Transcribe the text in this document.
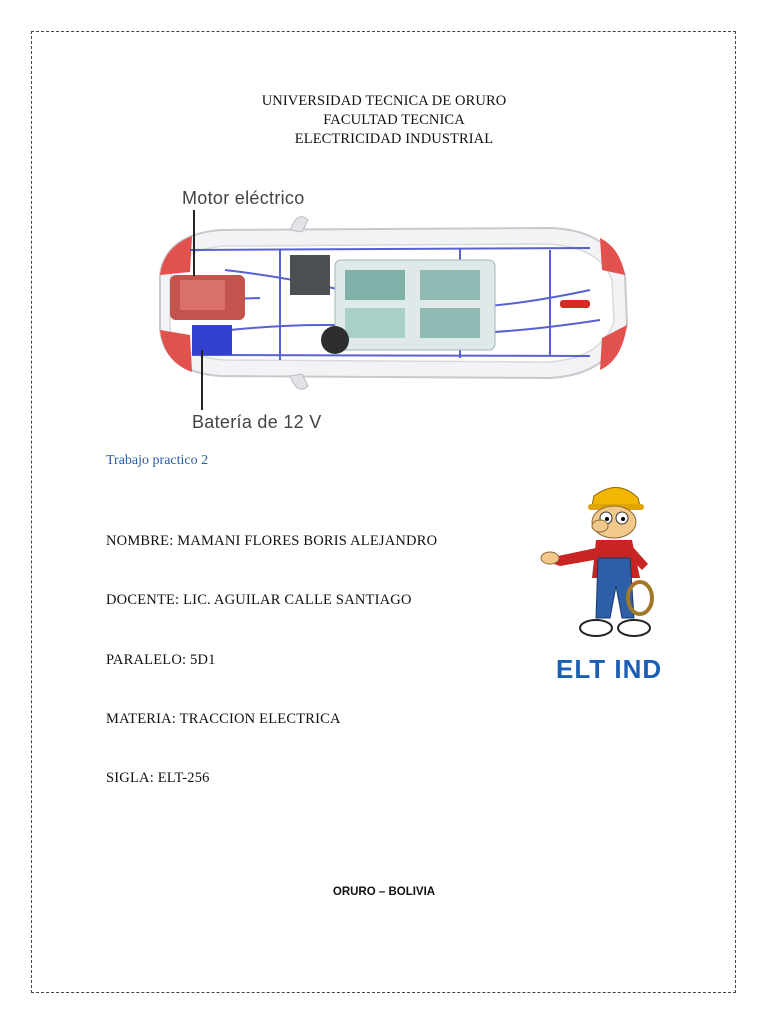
UNIVERSIDAD TECNICA DE ORURO
FACULTAD TECNICA
ELECTRICIDAD INDUSTRIAL
Motor eléctrico
Batería de 12 V
Trabajo practico 2
NOMBRE: MAMANI FLORES BORIS ALEJANDRO
DOCENTE: LIC. AGUILAR CALLE SANTIAGO
PARALELO: 5D1
MATERIA: TRACCION ELECTRICA
SIGLA: ELT-256
ELT IND
ORURO – BOLIVIA
